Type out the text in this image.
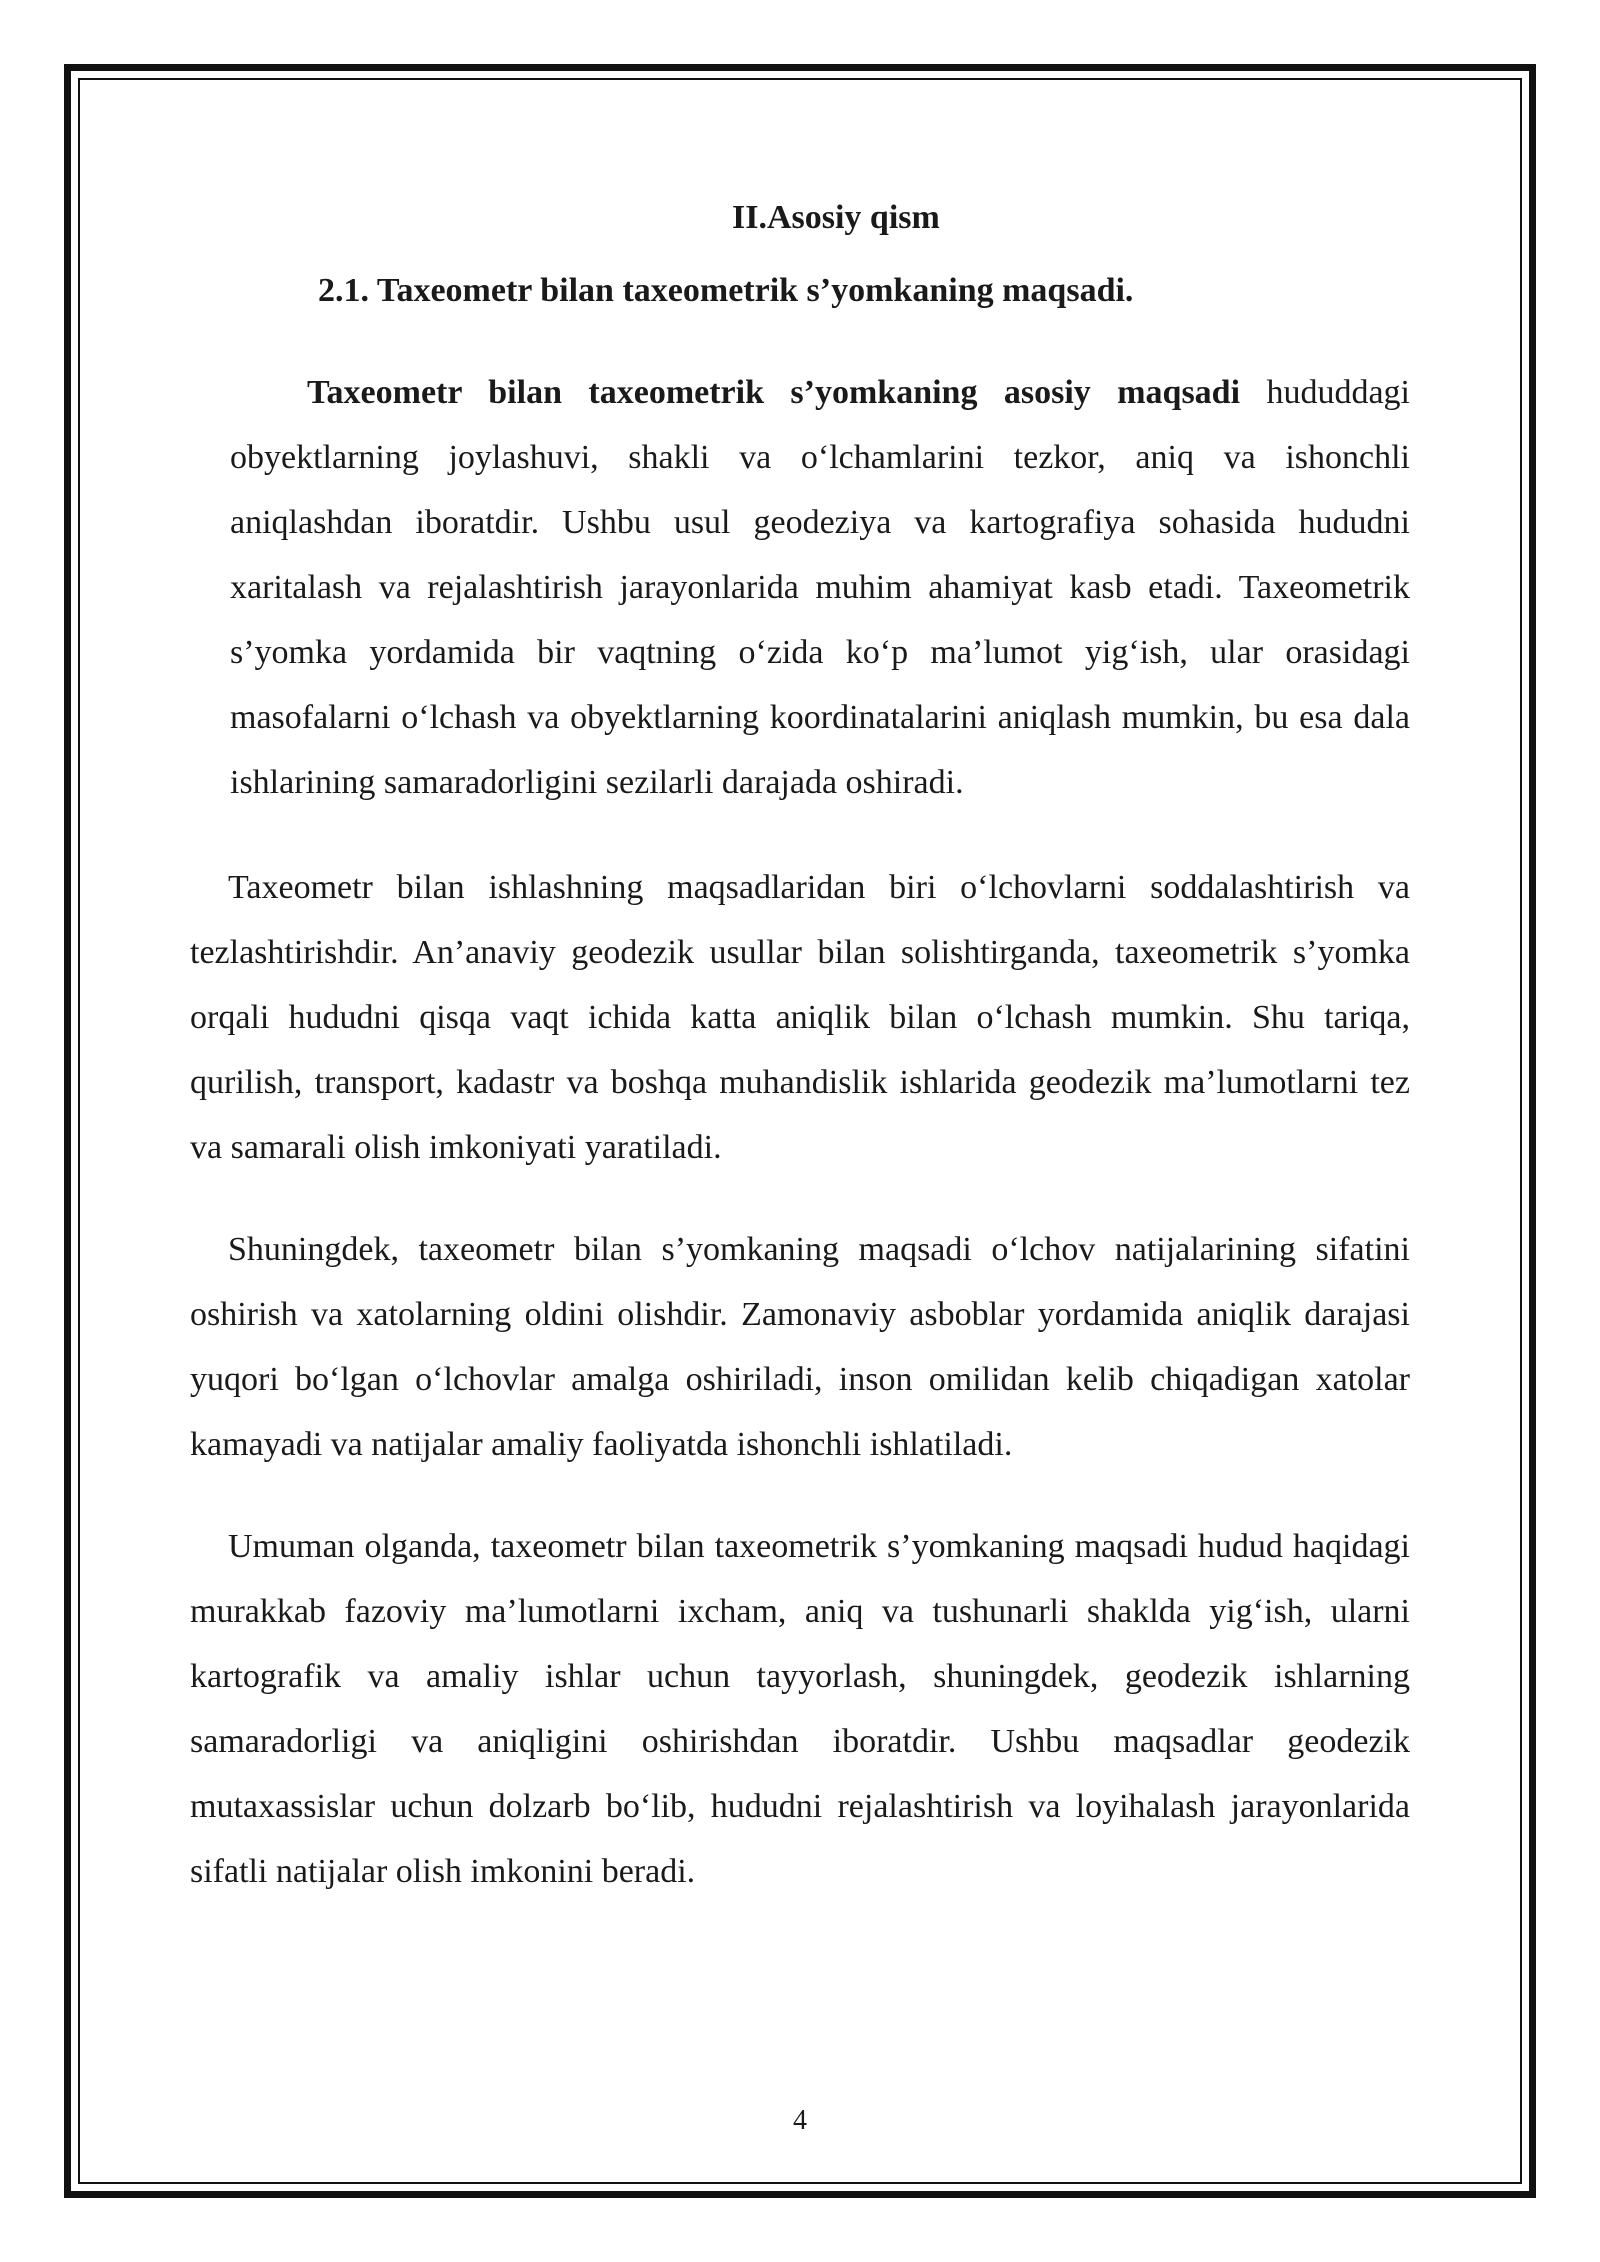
II.Asosiy qism
2.1. Taxeometr bilan taxeometrik s’yomkaning maqsadi.

Taxeometr bilan taxeometrik s’yomkaning asosiy maqsadi hududdagi obyektlarning joylashuvi, shakli va o‘lchamlarini tezkor, aniq va ishonchli aniqlashdan iboratdir. Ushbu usul geodeziya va kartografiya sohasida hududni xaritalash va rejalashtirish jarayonlarida muhim ahamiyat kasb etadi. Taxeometrik s’yomka yordamida bir vaqtning o‘zida ko‘p ma’lumot yig‘ish, ular orasidagi masofalarni o‘lchash va obyektlarning koordinatalarini aniqlash mumkin, bu esa dala ishlarining samaradorligini sezilarli darajada oshiradi.

Taxeometr bilan ishlashning maqsadlaridan biri o‘lchovlarni soddalashtirish va tezlashtirishdir. An’anaviy geodezik usullar bilan solishtirganda, taxeometrik s’yomka orqali hududni qisqa vaqt ichida katta aniqlik bilan o‘lchash mumkin. Shu tariqa, qurilish, transport, kadastr va boshqa muhandislik ishlarida geodezik ma’lumotlarni tez va samarali olish imkoniyati yaratiladi.

Shuningdek, taxeometr bilan s’yomkaning maqsadi o‘lchov natijalarining sifatini oshirish va xatolarning oldini olishdir. Zamonaviy asboblar yordamida aniqlik darajasi yuqori bo‘lgan o‘lchovlar amalga oshiriladi, inson omilidan kelib chiqadigan xatolar kamayadi va natijalar amaliy faoliyatda ishonchli ishlatiladi.

Umuman olganda, taxeometr bilan taxeometrik s’yomkaning maqsadi hudud haqidagi murakkab fazoviy ma’lumotlarni ixcham, aniq va tushunarli shaklda yig‘ish, ularni kartografik va amaliy ishlar uchun tayyorlash, shuningdek, geodezik ishlarning samaradorligi va aniqligini oshirishdan iboratdir. Ushbu maqsadlar geodezik mutaxassislar uchun dolzarb bo‘lib, hududni rejalashtirish va loyihalash jarayonlarida sifatli natijalar olish imkonini beradi.

4
